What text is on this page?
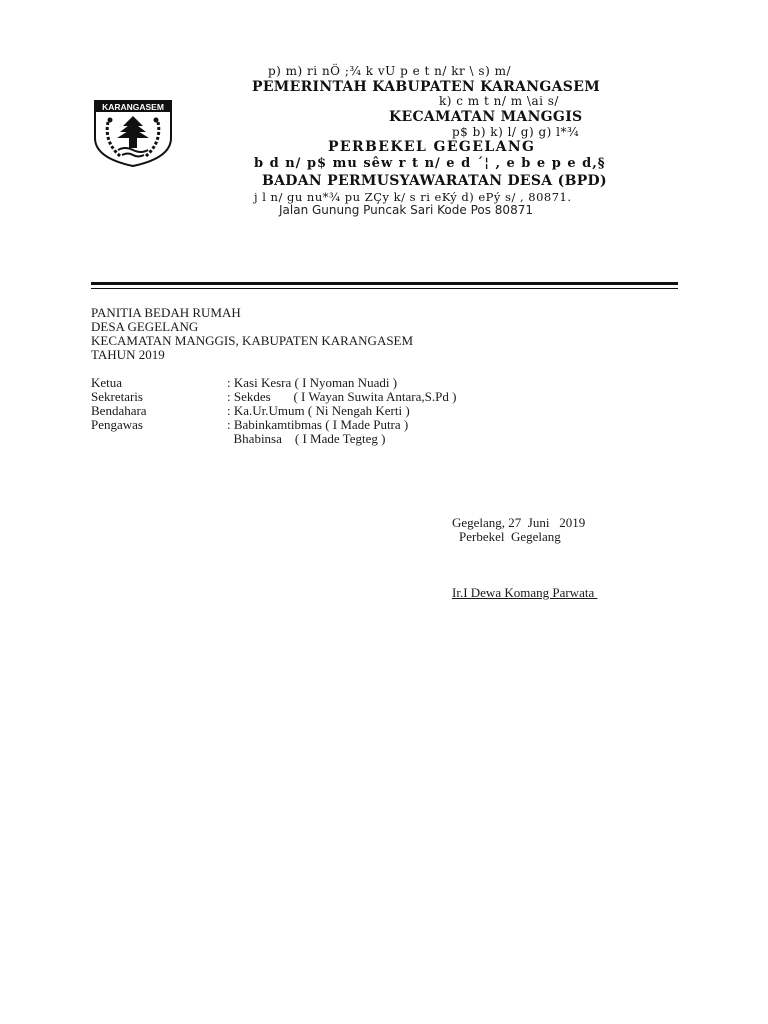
KARANGASEM
p) m) ri nÖ ;¾ k vU p e t n/ kr \ s) m/
PEMERINTAH KABUPATEN KARANGASEM
k) c m t n/ m \ai s/
KECAMATAN MANGGIS
p$ b) k) l/ g) g) l*¾
PERBEKEL GEGELANG
b d n/ p$ mu sêw r t n/ e d ´¦ , e b e p e d,§
BADAN PERMUSYAWARATAN DESA (BPD)
j l n/ gu nu*¾ pu ZÇy k/ s ri eKý d) ePý s/ , 80871.
Jalan Gunung Puncak Sari Kode Pos 80871
PANITIA BEDAH RUMAH
DESA GEGELANG
KECAMATAN MANGGIS, KABUPATEN KARANGASEM
TAHUN 2019
Ketua	: Kasi Kesra ( I Nyoman Nuadi )
Sekretaris	: Sekdes       ( I Wayan Suwita Antara,S.Pd )
Bendahara	: Ka.Ur.Umum ( Ni Nengah Kerti )
Pengawas	: Babinkamtibmas ( I Made Putra )
Bhabinsa    ( I Made Tegteg )
Gegelang, 27  Juni   2019
Perbekel  Gegelang
Ir.I Dewa Komang Parwata
